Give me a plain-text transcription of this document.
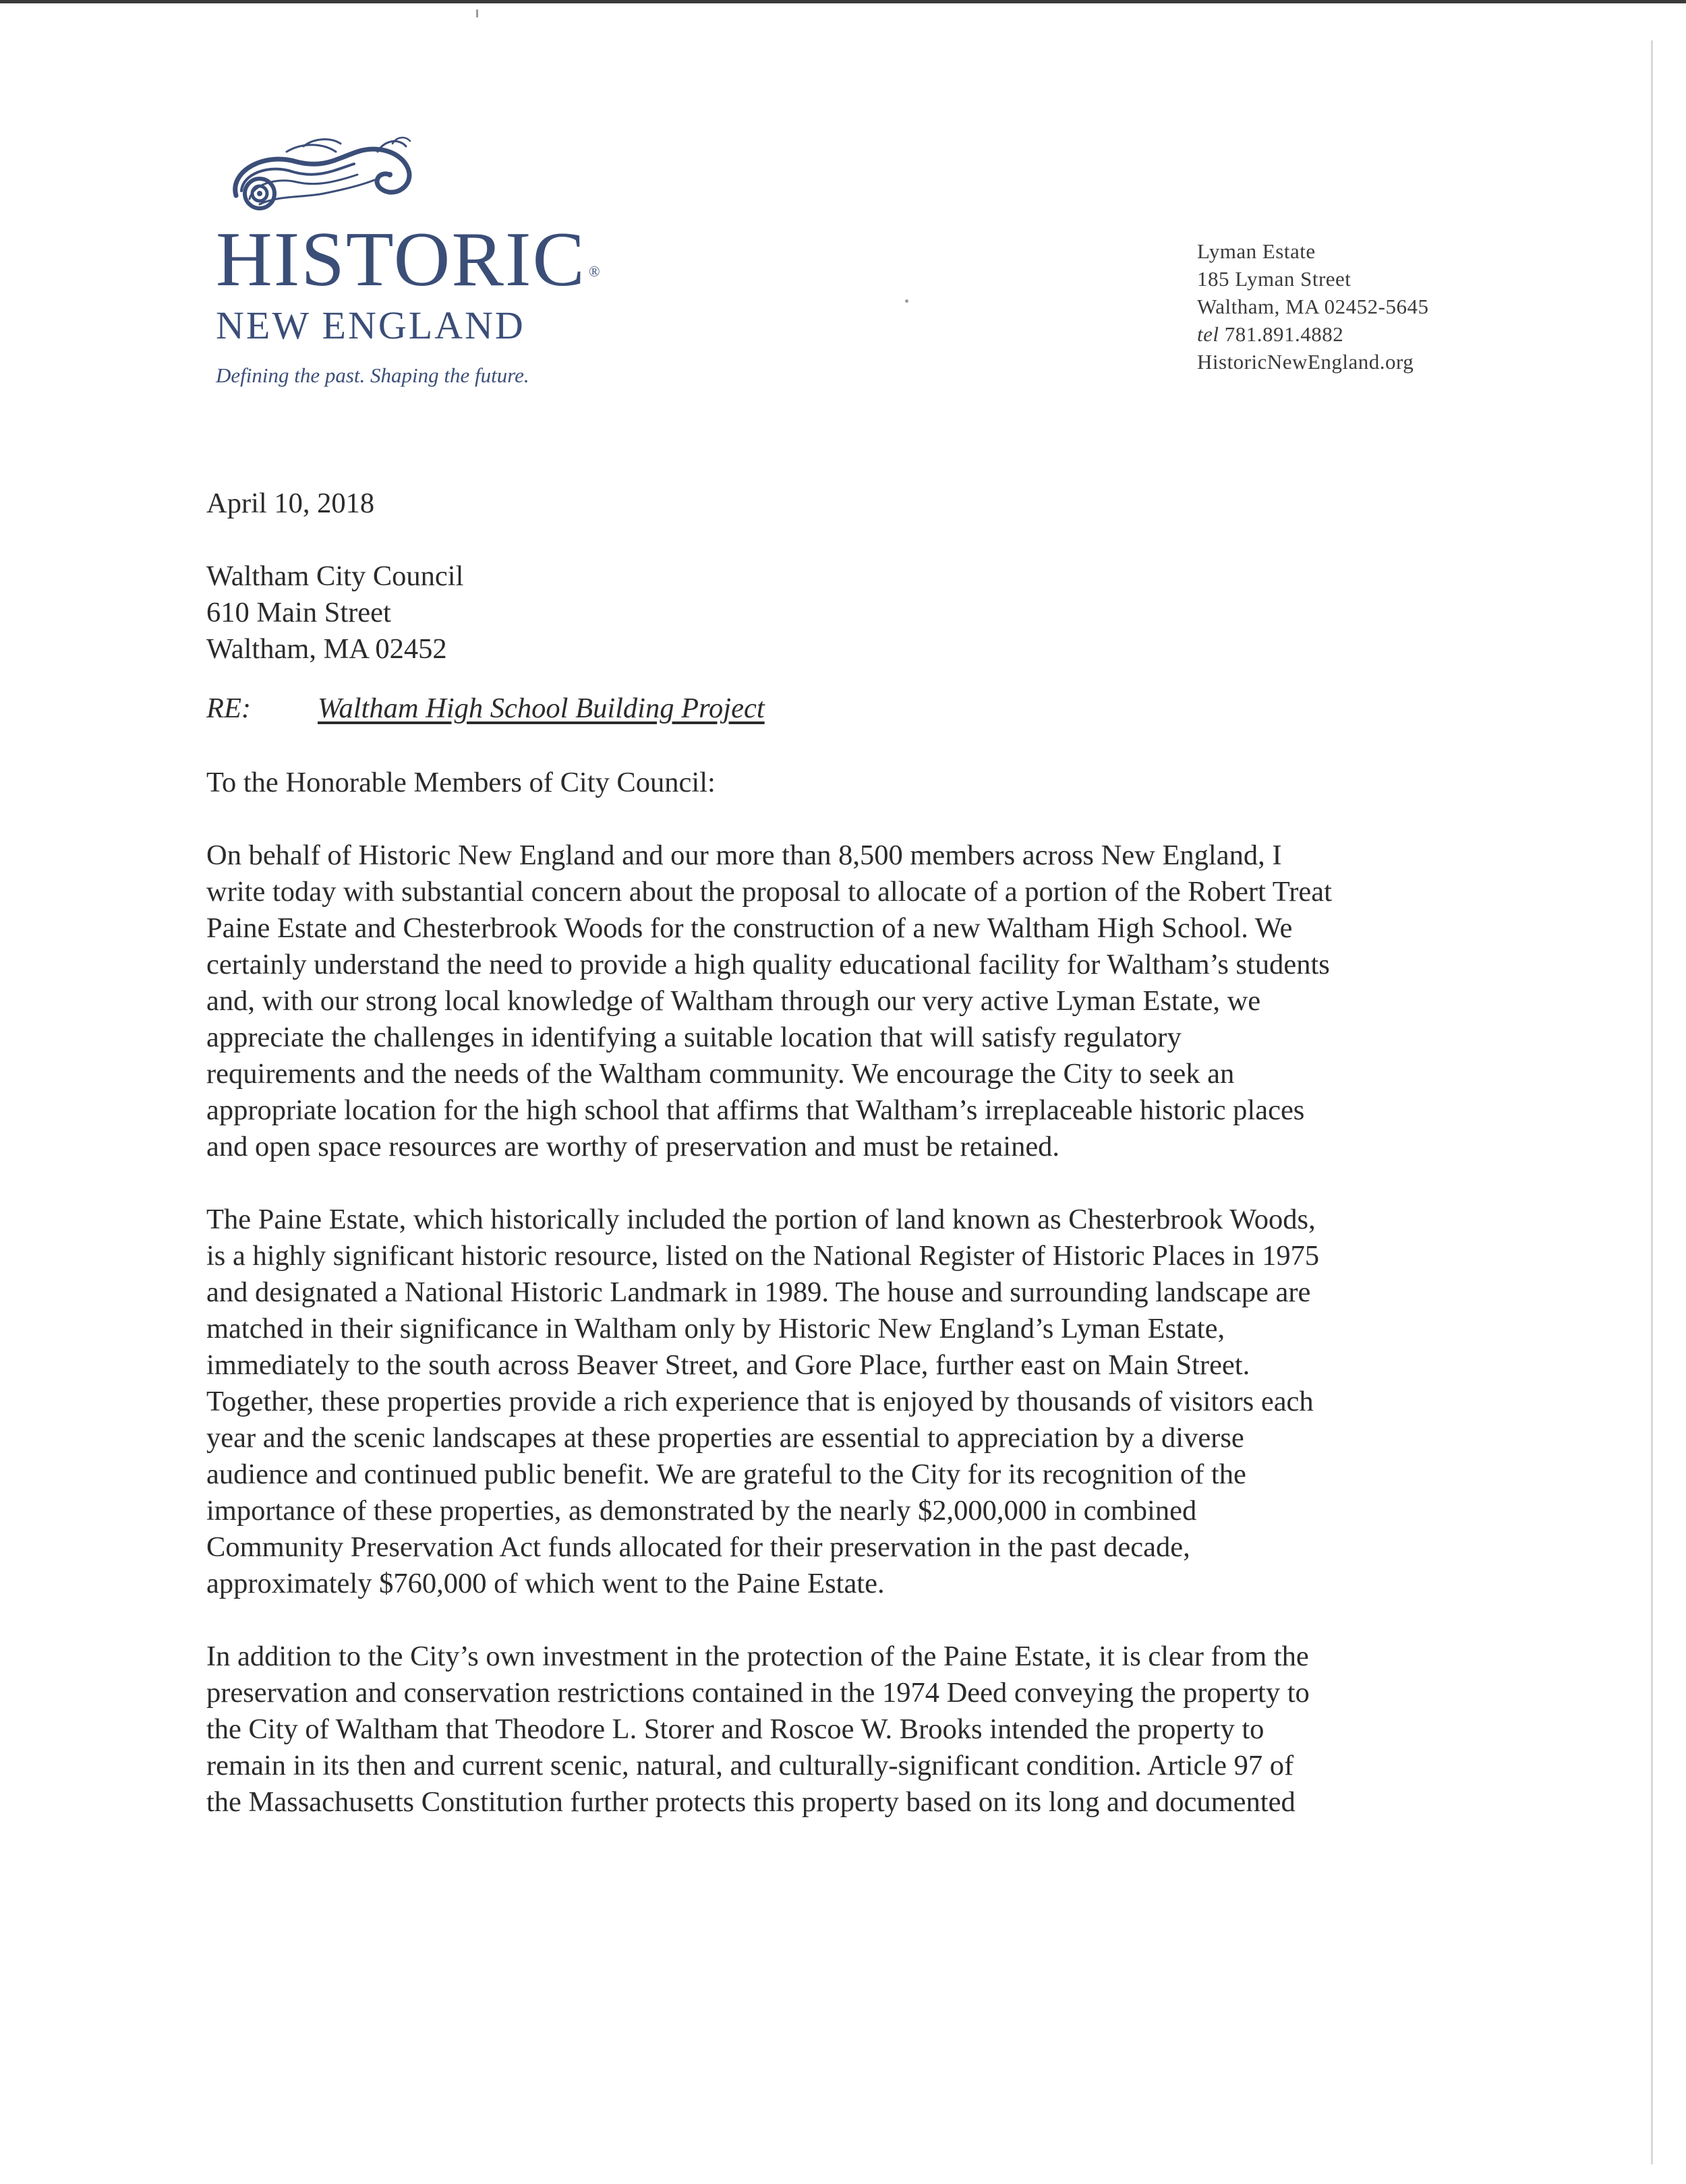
HISTORIC ®
NEW ENGLAND
Defining the past. Shaping the future.
Lyman Estate
185 Lyman Street
Waltham, MA 02452-5645
tel 781.891.4882
HistoricNewEngland.org
April 10, 2018
Waltham City Council
610 Main Street
Waltham, MA 02452
RE: Waltham High School Building Project
To the Honorable Members of City Council:
On behalf of Historic New England and our more than 8,500 members across New England, I
write today with substantial concern about the proposal to allocate of a portion of the Robert Treat
Paine Estate and Chesterbrook Woods for the construction of a new Waltham High School. We
certainly understand the need to provide a high quality educational facility for Waltham’s students
and, with our strong local knowledge of Waltham through our very active Lyman Estate, we
appreciate the challenges in identifying a suitable location that will satisfy regulatory
requirements and the needs of the Waltham community. We encourage the City to seek an
appropriate location for the high school that affirms that Waltham’s irreplaceable historic places
and open space resources are worthy of preservation and must be retained.
The Paine Estate, which historically included the portion of land known as Chesterbrook Woods,
is a highly significant historic resource, listed on the National Register of Historic Places in 1975
and designated a National Historic Landmark in 1989. The house and surrounding landscape are
matched in their significance in Waltham only by Historic New England’s Lyman Estate,
immediately to the south across Beaver Street, and Gore Place, further east on Main Street.
Together, these properties provide a rich experience that is enjoyed by thousands of visitors each
year and the scenic landscapes at these properties are essential to appreciation by a diverse
audience and continued public benefit. We are grateful to the City for its recognition of the
importance of these properties, as demonstrated by the nearly $2,000,000 in combined
Community Preservation Act funds allocated for their preservation in the past decade,
approximately $760,000 of which went to the Paine Estate.
In addition to the City’s own investment in the protection of the Paine Estate, it is clear from the
preservation and conservation restrictions contained in the 1974 Deed conveying the property to
the City of Waltham that Theodore L. Storer and Roscoe W. Brooks intended the property to
remain in its then and current scenic, natural, and culturally-significant condition. Article 97 of
the Massachusetts Constitution further protects this property based on its long and documented
